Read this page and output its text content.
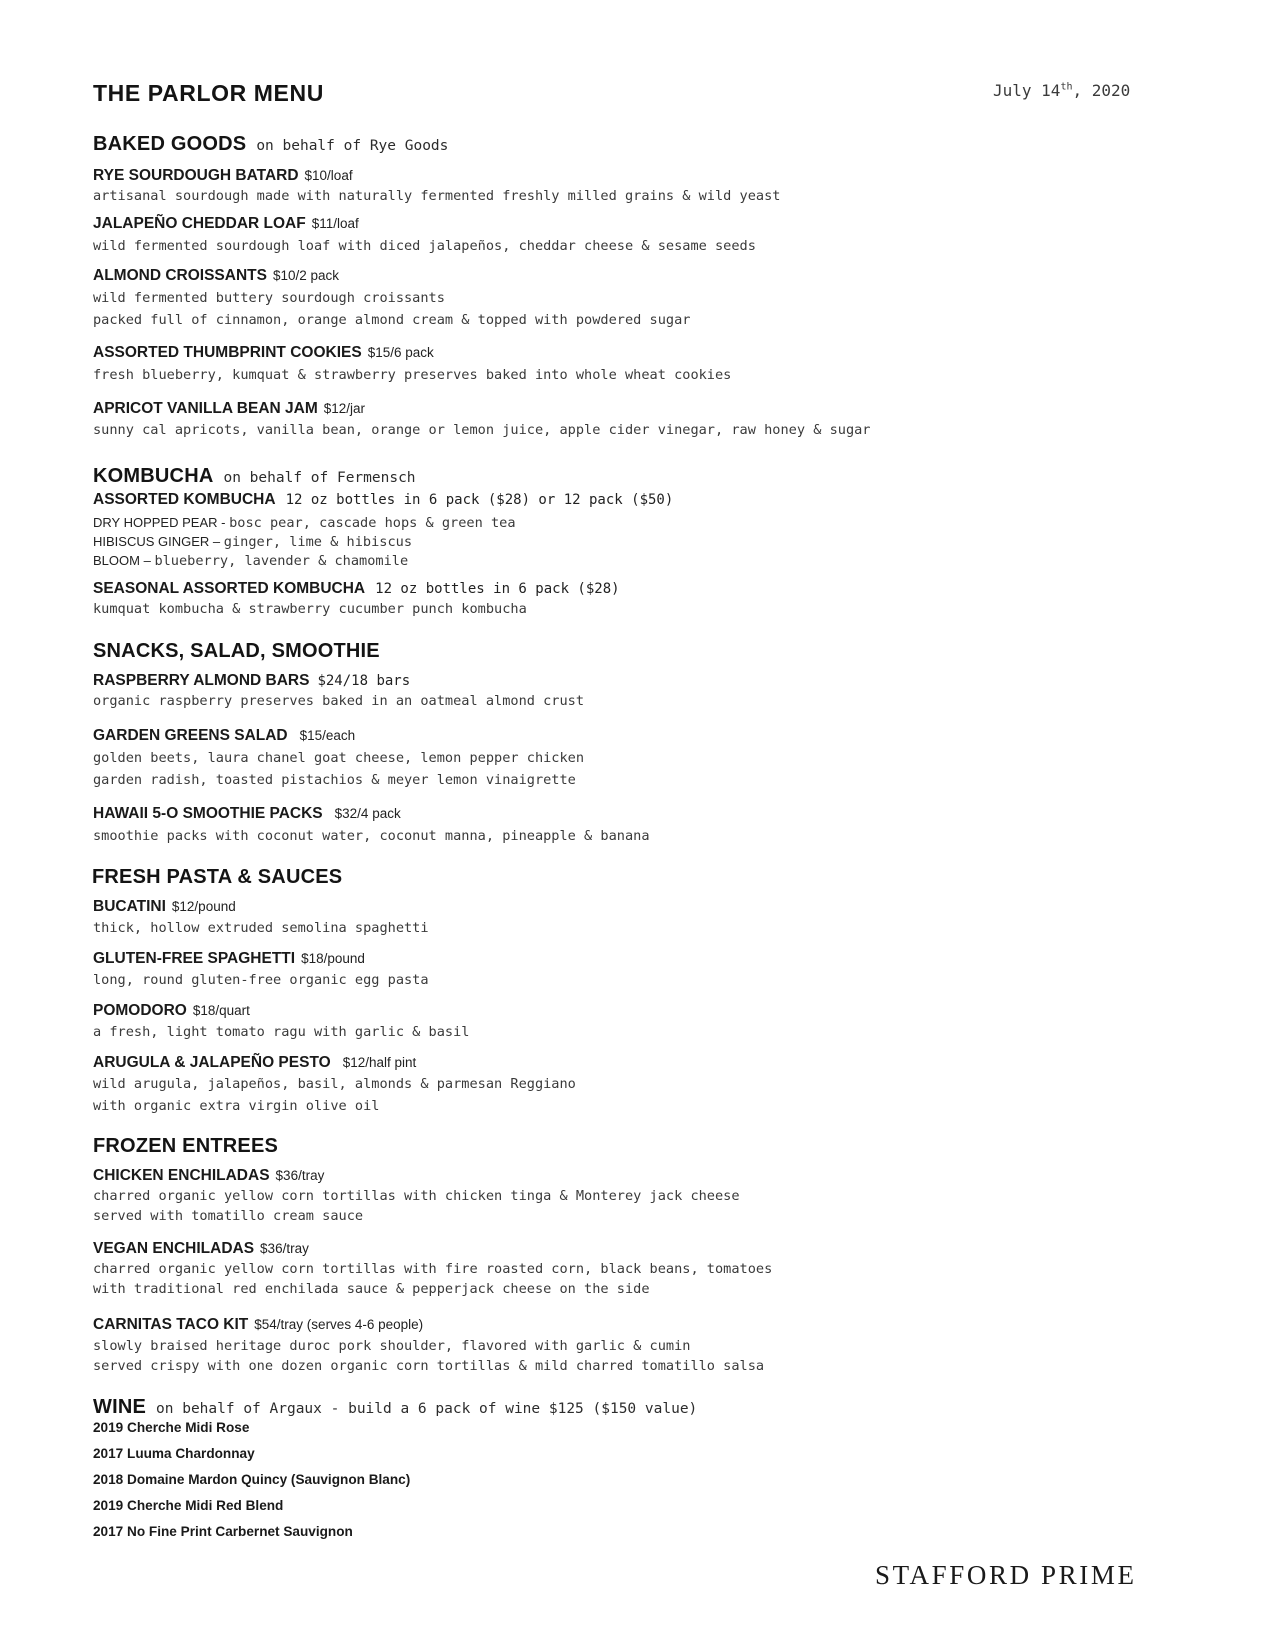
THE PARLOR MENU	July 14th, 2020
BAKED GOODS on behalf of Rye Goods
RYE SOURDOUGH BATARD $10/loaf
artisanal sourdough made with naturally fermented freshly milled grains & wild yeast
JALAPEÑO CHEDDAR LOAF $11/loaf
wild fermented sourdough loaf with diced jalapeños, cheddar cheese & sesame seeds
ALMOND CROISSANTS $10/2 pack
wild fermented buttery sourdough croissants
packed full of cinnamon, orange almond cream & topped with powdered sugar
ASSORTED THUMBPRINT COOKIES $15/6 pack
fresh blueberry, kumquat & strawberry preserves baked into whole wheat cookies
APRICOT VANILLA BEAN JAM $12/jar
sunny cal apricots, vanilla bean, orange or lemon juice, apple cider vinegar, raw honey & sugar
KOMBUCHA on behalf of Fermensch
ASSORTED KOMBUCHA 12 oz bottles in 6 pack ($28) or 12 pack ($50)
DRY HOPPED PEAR - bosc pear, cascade hops & green tea
HIBISCUS GINGER – ginger, lime & hibiscus
BLOOM – blueberry, lavender & chamomile
SEASONAL ASSORTED KOMBUCHA 12 oz bottles in 6 pack ($28)
kumquat kombucha & strawberry cucumber punch kombucha
SNACKS, SALAD, SMOOTHIE
RASPBERRY ALMOND BARS $24/18 bars
organic raspberry preserves baked in an oatmeal almond crust
GARDEN GREENS SALAD $15/each
golden beets, laura chanel goat cheese, lemon pepper chicken
garden radish, toasted pistachios & meyer lemon vinaigrette
HAWAII 5-O SMOOTHIE PACKS $32/4 pack
smoothie packs with coconut water, coconut manna, pineapple & banana
FRESH PASTA & SAUCES
BUCATINI $12/pound
thick, hollow extruded semolina spaghetti
GLUTEN-FREE SPAGHETTI $18/pound
long, round gluten-free organic egg pasta
POMODORO $18/quart
a fresh, light tomato ragu with garlic & basil
ARUGULA & JALAPEÑO PESTO $12/half pint
wild arugula, jalapeños, basil, almonds & parmesan Reggiano
with organic extra virgin olive oil
FROZEN ENTREES
CHICKEN ENCHILADAS $36/tray
charred organic yellow corn tortillas with chicken tinga & Monterey jack cheese
served with tomatillo cream sauce
VEGAN ENCHILADAS $36/tray
charred organic yellow corn tortillas with fire roasted corn, black beans, tomatoes
with traditional red enchilada sauce & pepperjack cheese on the side
CARNITAS TACO KIT $54/tray (serves 4-6 people)
slowly braised heritage duroc pork shoulder, flavored with garlic & cumin
served crispy with one dozen organic corn tortillas & mild charred tomatillo salsa
WINE on behalf of Argaux - build a 6 pack of wine $125 ($150 value)
2019 Cherche Midi Rose
2017 Luuma Chardonnay
2018 Domaine Mardon Quincy (Sauvignon Blanc)
2019 Cherche Midi Red Blend
2017 No Fine Print Carbernet Sauvignon
STAFFORD PRIME
